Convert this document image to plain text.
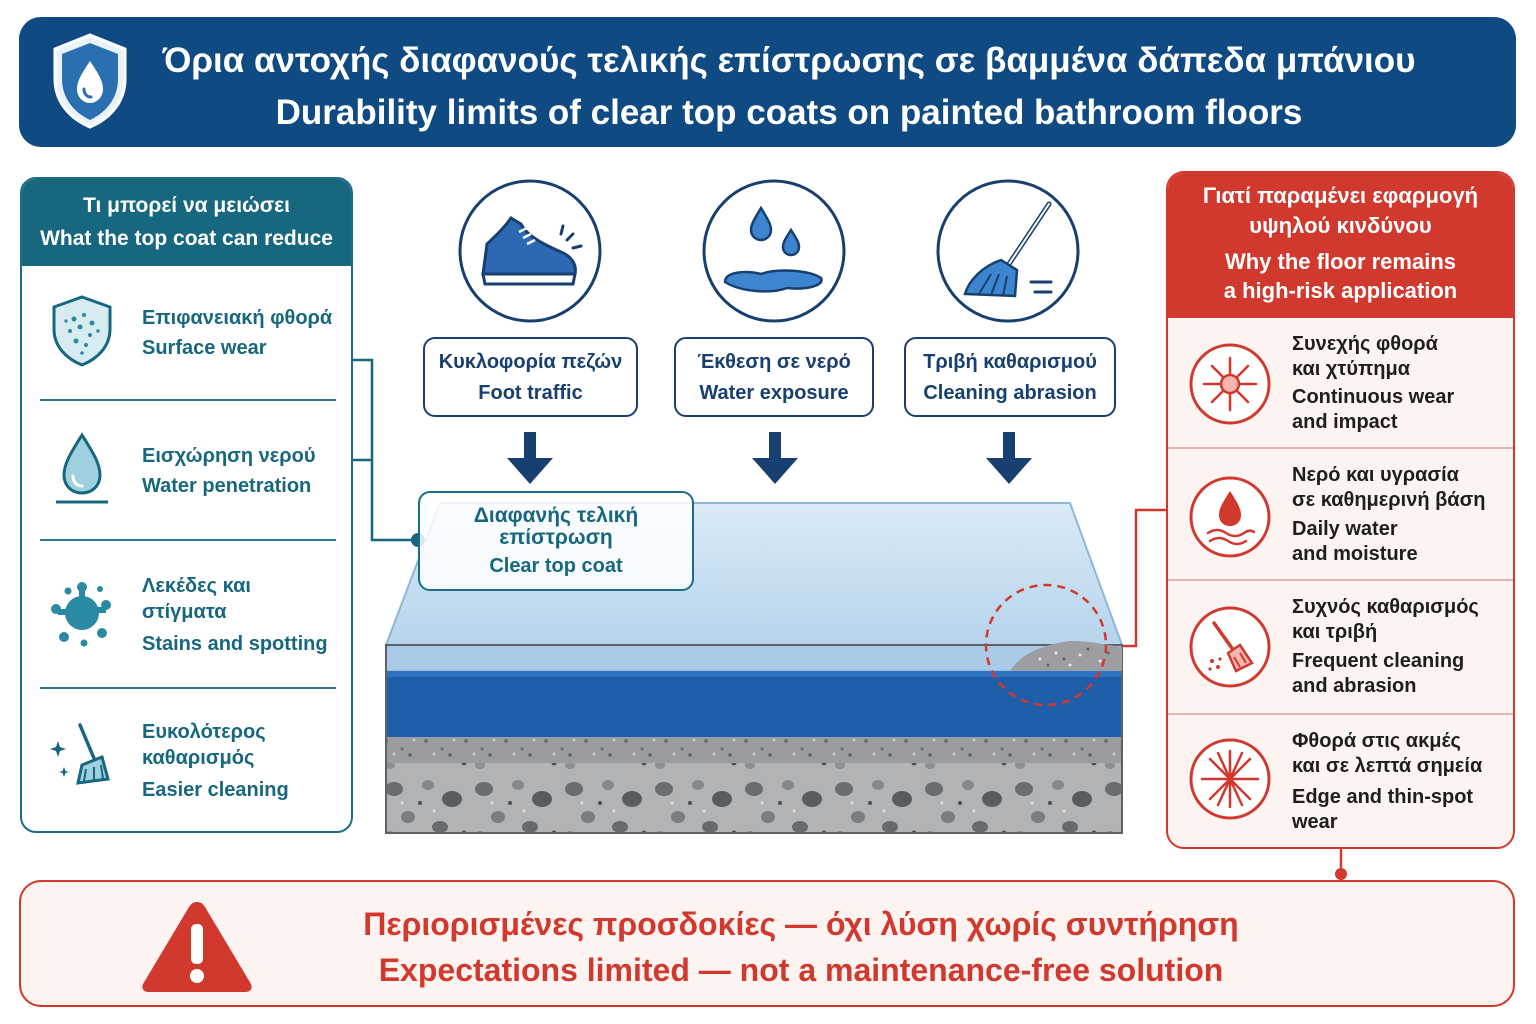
Όρια αντοχής διαφανούς τελικής επίστρωσης σε βαμμένα δάπεδα μπάνιου
Durability limits of clear top coats on painted bathroom floors
Τι μπορεί να μειώσει
What the top coat can reduce
Επιφανειακή φθορά
Surface wear
Εισχώρηση νερού
Water penetration
Λεκέδες και
στίγματα
Stains and spotting
Ευκολότερος
καθαρισμός
Easier cleaning
Κυκλοφορία πεζών
Foot traffic
Έκθεση σε νερό
Water exposure
Τριβή καθαρισμού
Cleaning abrasion
Διαφανής τελική
επίστρωση
Clear top coat
Γιατί παραμένει εφαρμογή
υψηλού κινδύνου
Why the floor remains
a high-risk application
Συνεχής φθορά
και χτύπημα
Continuous wear
and impact
Νερό και υγρασία
σε καθημερινή βάση
Daily water
and moisture
Συχνός καθαρισμός
και τριβή
Frequent cleaning
and abrasion
Φθορά στις ακμές
και σε λεπτά σημεία
Edge and thin-spot
wear
Περιορισμένες προσδοκίες — όχι λύση χωρίς συντήρηση
Expectations limited — not a maintenance-free solution
